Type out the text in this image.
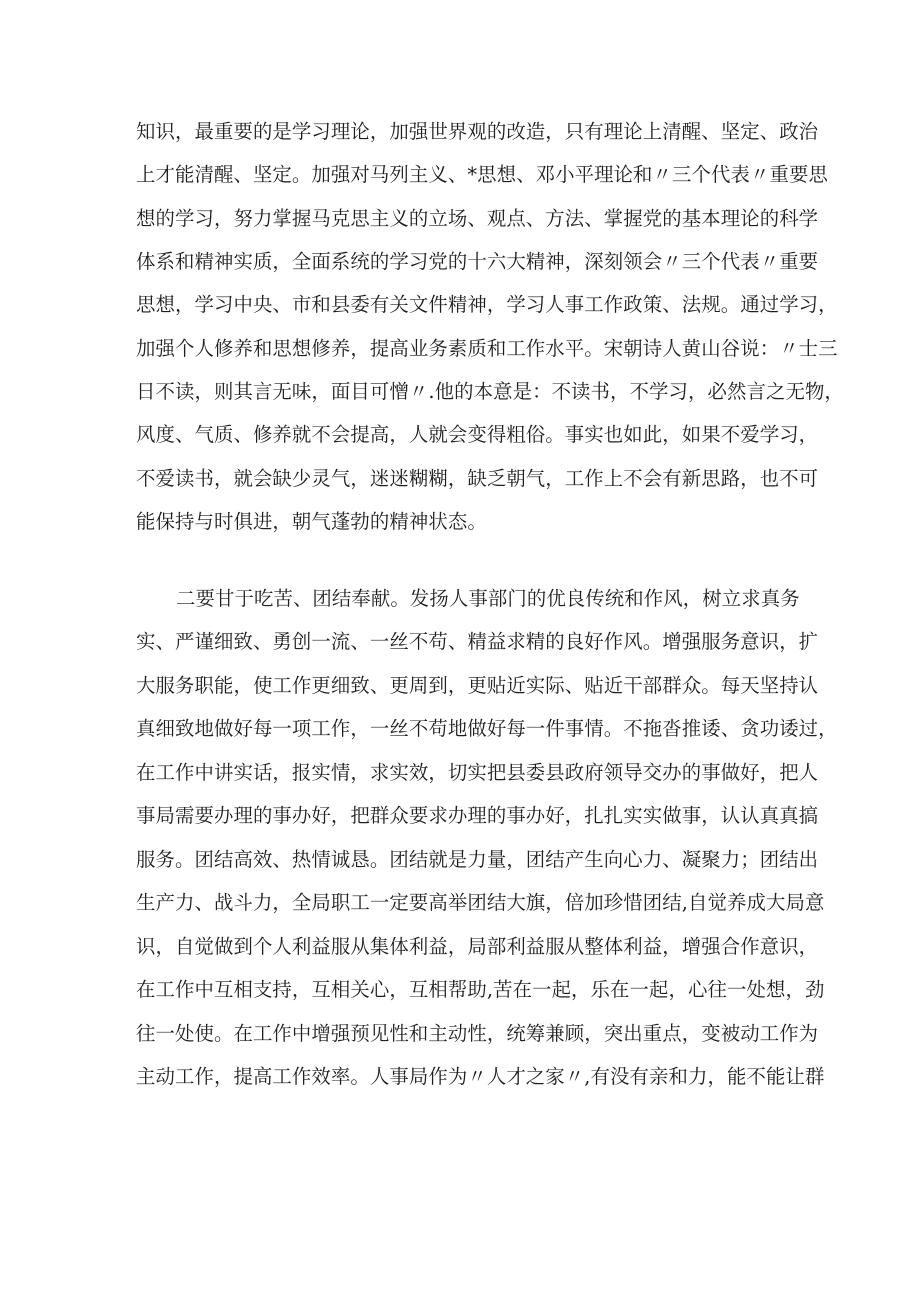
知识，最重要的是学习理论，加强世界观的改造，只有理论上清醒、坚定、政治
上才能清醒、坚定。加强对马列主义、*思想、邓小平理论和〃三个代表〃重要思
想的学习，努力掌握马克思主义的立场、观点、方法、掌握党的基本理论的科学
体系和精神实质，全面系统的学习党的十六大精神，深刻领会〃三个代表〃重要
思想，学习中央、市和县委有关文件精神，学习人事工作政策、法规。通过学习，
加强个人修养和思想修养，提高业务素质和工作水平。宋朝诗人黄山谷说：〃士三
日不读，则其言无味，面目可憎〃.他的本意是：不读书，不学习，必然言之无物，
风度、气质、修养就不会提高，人就会变得粗俗。事实也如此，如果不爱学习，
不爱读书，就会缺少灵气，迷迷糊糊，缺乏朝气，工作上不会有新思路，也不可
能保持与时俱进，朝气蓬勃的精神状态。
二要甘于吃苦、团结奉献。发扬人事部门的优良传统和作风，树立求真务
实、严谨细致、勇创一流、一丝不苟、精益求精的良好作风。增强服务意识，扩
大服务职能，使工作更细致、更周到，更贴近实际、贴近干部群众。每天坚持认
真细致地做好每一项工作，一丝不苟地做好每一件事情。不拖沓推诿、贪功诿过，
在工作中讲实话，报实情，求实效，切实把县委县政府领导交办的事做好，把人
事局需要办理的事办好，把群众要求办理的事办好，扎扎实实做事，认认真真搞
服务。团结高效、热情诚恳。团结就是力量，团结产生向心力、凝聚力；团结出
生产力、战斗力，全局职工一定要高举团结大旗，倍加珍惜团结,自觉养成大局意
识，自觉做到个人利益服从集体利益，局部利益服从整体利益，增强合作意识，
在工作中互相支持，互相关心，互相帮助,苦在一起，乐在一起，心往一处想，劲
往一处使。在工作中增强预见性和主动性，统筹兼顾，突出重点，变被动工作为
主动工作，提高工作效率。人事局作为〃人才之家〃,有没有亲和力，能不能让群
